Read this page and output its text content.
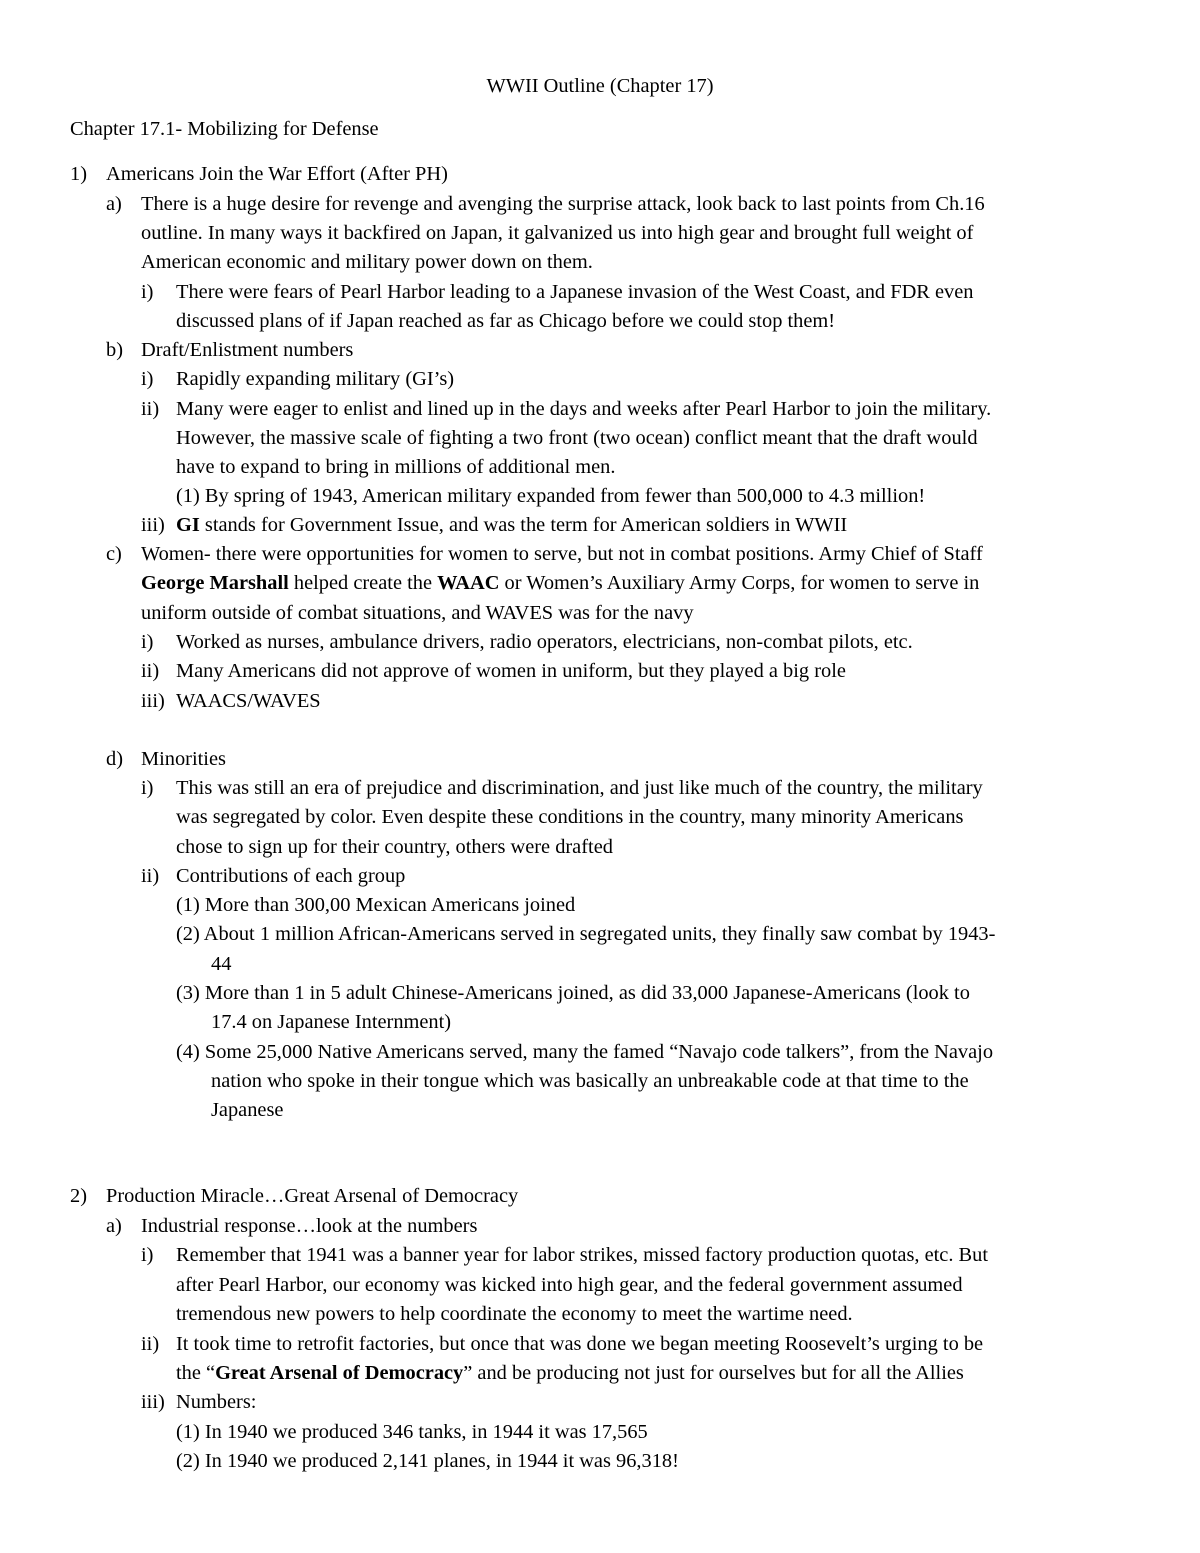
WWII Outline (Chapter 17)
Chapter 17.1- Mobilizing for Defense
1) Americans Join the War Effort (After PH)
a) There is a huge desire for revenge and avenging the surprise attack, look back to last points from Ch.16
outline. In many ways it backfired on Japan, it galvanized us into high gear and brought full weight of
American economic and military power down on them.
i) There were fears of Pearl Harbor leading to a Japanese invasion of the West Coast, and FDR even
discussed plans of if Japan reached as far as Chicago before we could stop them!
b) Draft/Enlistment numbers
i) Rapidly expanding military (GI’s)
ii) Many were eager to enlist and lined up in the days and weeks after Pearl Harbor to join the military.
However, the massive scale of fighting a two front (two ocean) conflict meant that the draft would
have to expand to bring in millions of additional men.
(1) By spring of 1943, American military expanded from fewer than 500,000 to 4.3 million!
iii) GI stands for Government Issue, and was the term for American soldiers in WWII
c) Women- there were opportunities for women to serve, but not in combat positions. Army Chief of Staff
George Marshall helped create the WAAC or Women’s Auxiliary Army Corps, for women to serve in
uniform outside of combat situations, and WAVES was for the navy
i) Worked as nurses, ambulance drivers, radio operators, electricians, non-combat pilots, etc.
ii) Many Americans did not approve of women in uniform, but they played a big role
iii) WAACS/WAVES
d) Minorities
i) This was still an era of prejudice and discrimination, and just like much of the country, the military
was segregated by color. Even despite these conditions in the country, many minority Americans
chose to sign up for their country, others were drafted
ii) Contributions of each group
(1) More than 300,00 Mexican Americans joined
(2) About 1 million African-Americans served in segregated units, they finally saw combat by 1943-
44
(3) More than 1 in 5 adult Chinese-Americans joined, as did 33,000 Japanese-Americans (look to
17.4 on Japanese Internment)
(4) Some 25,000 Native Americans served, many the famed “Navajo code talkers”, from the Navajo
nation who spoke in their tongue which was basically an unbreakable code at that time to the
Japanese
2) Production Miracle…Great Arsenal of Democracy
a) Industrial response…look at the numbers
i) Remember that 1941 was a banner year for labor strikes, missed factory production quotas, etc. But
after Pearl Harbor, our economy was kicked into high gear, and the federal government assumed
tremendous new powers to help coordinate the economy to meet the wartime need.
ii) It took time to retrofit factories, but once that was done we began meeting Roosevelt’s urging to be
the “Great Arsenal of Democracy” and be producing not just for ourselves but for all the Allies
iii) Numbers:
(1) In 1940 we produced 346 tanks, in 1944 it was 17,565
(2) In 1940 we produced 2,141 planes, in 1944 it was 96,318!
